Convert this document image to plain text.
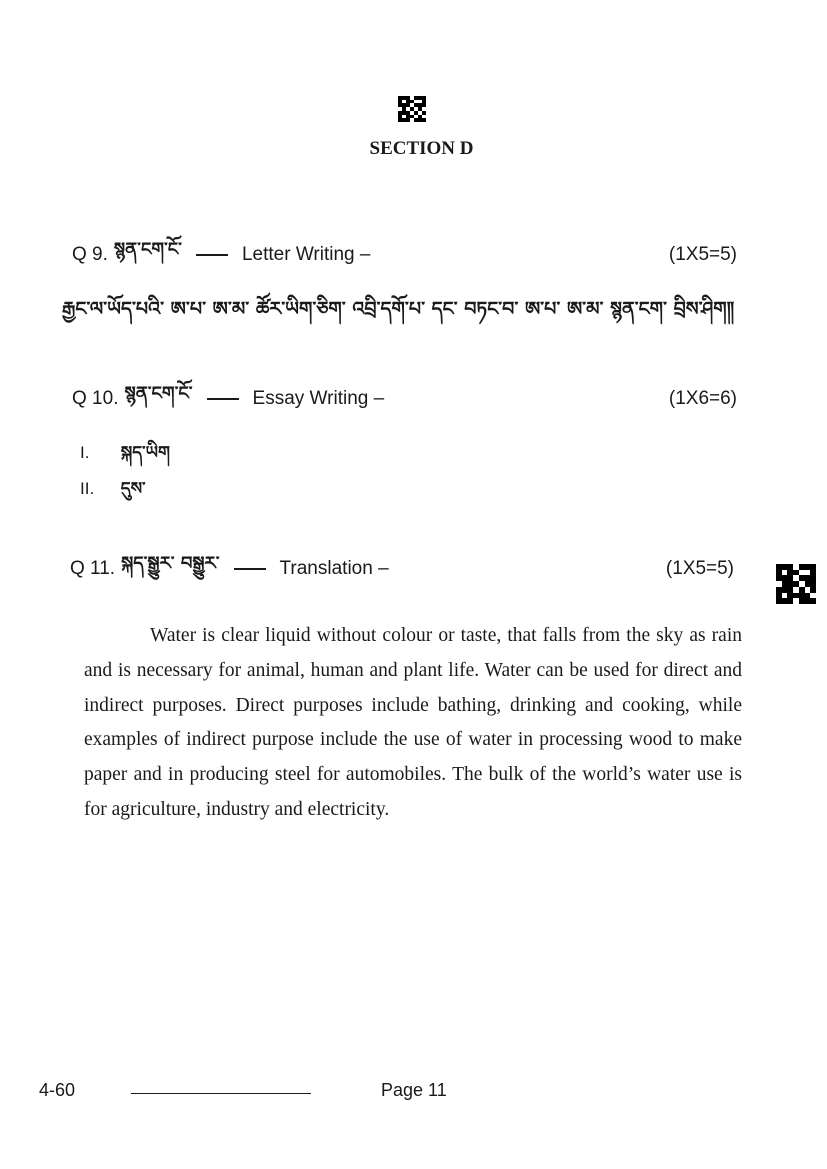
SECTION D
Q 9. སྙན་ངག་ངོ་	Letter Writing –	(1X5=5)
རྒྱང་ལ་ཡོད་པའི་ ཨ་པ་ ཨ་མ་ ཚོར་ཡིག་ཅིག་ འབྲི་དགོ་པ་ དང་ བཏང་བ་ ཨ་པ་ ཨ་མ་ སྙན་ངག་ བྲིས་ཤིག༎
Q 10. སྙན་ངག་ངོ་	Essay Writing –	(1X6=6)
I. སྐད་ཡིག
II. དུས་
Q 11. སྐད་སྒྱུར་ བསྒྱུར་	Translation –	(1X5=5)
Water is clear liquid without colour or taste, that falls from the sky as rain and is necessary for animal, human and plant life. Water can be used for direct and indirect purposes. Direct purposes include bathing, drinking and cooking, while examples of indirect purpose include the use of water in processing wood to make paper and in producing steel for automobiles. The bulk of the world’s water use is for agriculture, industry and electricity.
4-60	Page 11
